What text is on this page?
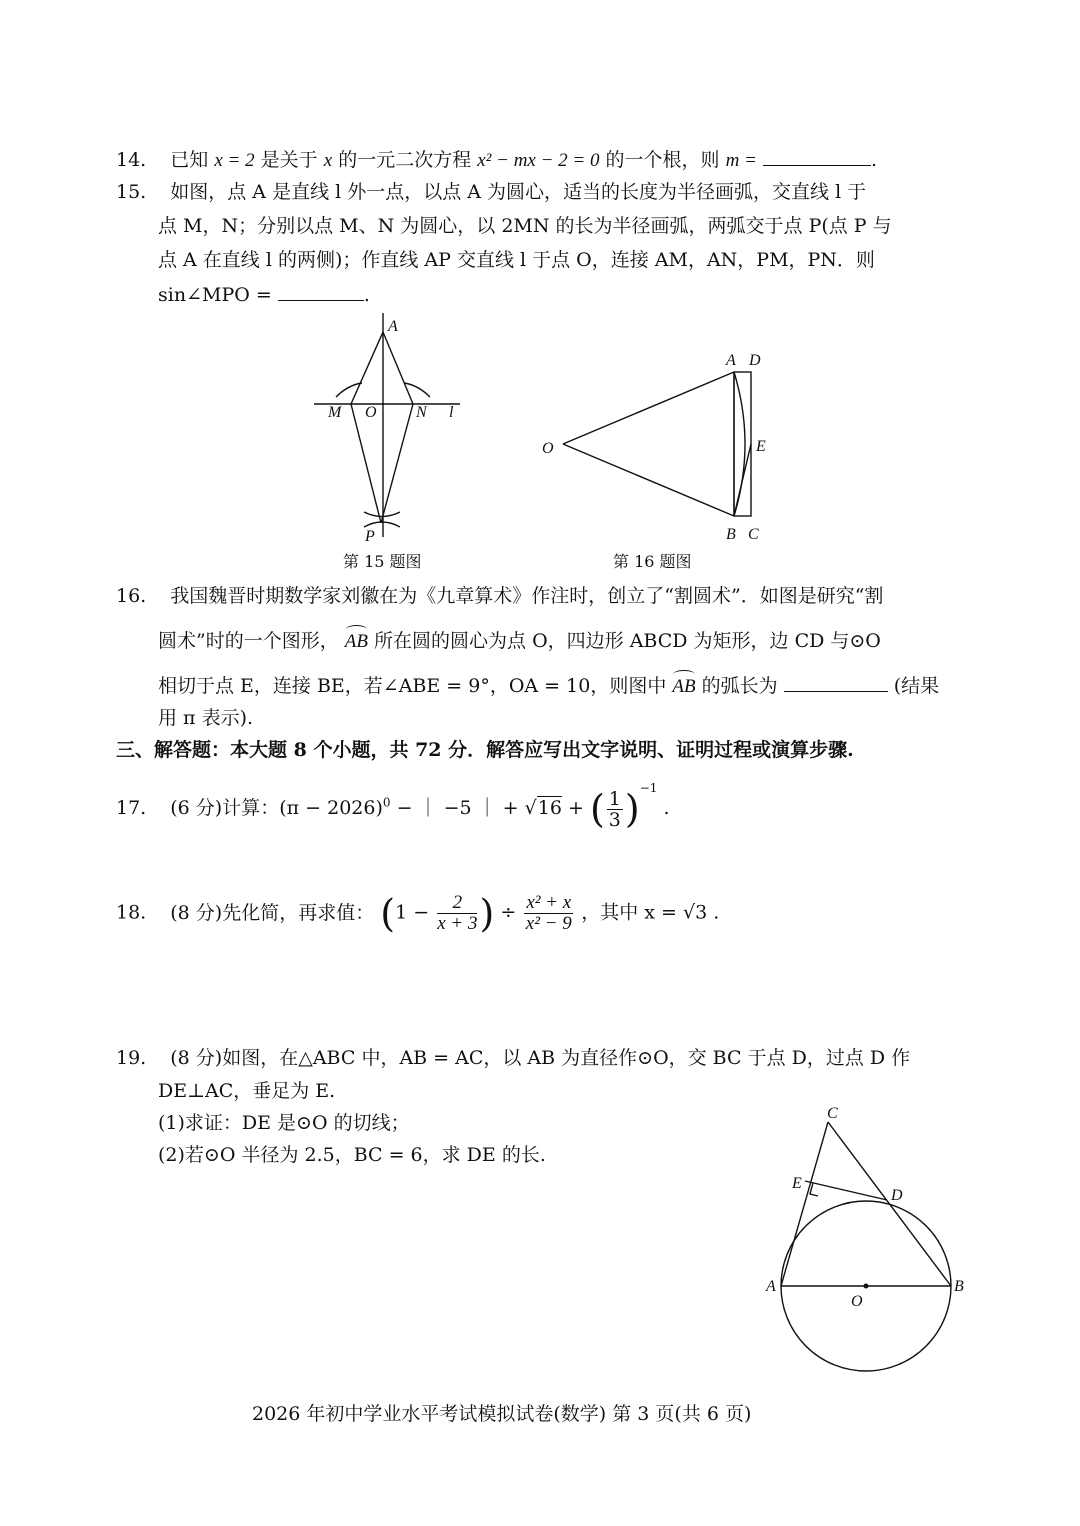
14. 已知 x = 2 是关于 x 的一元二次方程 x² − mx − 2 = 0 的一个根，则 m =	.
15. 如图，点 A 是直线 l 外一点，以点 A 为圆心，适当的长度为半径画弧，交直线 l 于
点 M，N；分别以点 M、N 为圆心，以 2MN 的长为半径画弧，两弧交于点 P(点 P 与
点 A 在直线 l 的两侧)；作直线 AP 交直线 l 于点 O，连接 AM，AN，PM，PN．则
sin∠MPO =	.
A
M O N l
P
第 15 题图
A D
O	E
B C
第 16 题图
16. 我国魏晋时期数学家刘徽在为《九章算术》作注时，创立了“割圆术”．如图是研究“割
圆术”时的一个图形， AB 所在圆的圆心为点 O，四边形 ABCD 为矩形，边 CD 与⊙O
相切于点 E，连接 BE，若∠ABE = 9°，OA = 10，则图中 AB 的弧长为	(结果
用 π 表示).
三、解答题：本大题 8 个小题，共 72 分．解答应写出文字说明、证明过程或演算步骤.
17. (6 分)计算：$(\pi - 2026)^0$ − ｜ −5 ｜ + √16 + ( $\frac{1}{3} )^{-1}$ .
18. (8 分)先化简，再求值： ($1 - \frac{2}{x + 3}$ ) ÷ $\frac{\text{x² + x}}{\text{x² − 9}}$ ，其中 x = √3 .
19. (8 分)如图，在△ABC 中，AB = AC，以 AB 为直径作⊙O，交 BC 于点 D，过点 D 作
DE⊥AC，垂足为 E.
(1)求证：DE 是⊙O 的切线；
(2)若⊙O 半径为 2.5，BC = 6，求 DE 的长.
C
E
D
A
O
B
2026 年初中学业水平考试模拟试卷(数学) 第 3 页(共 6 页)
